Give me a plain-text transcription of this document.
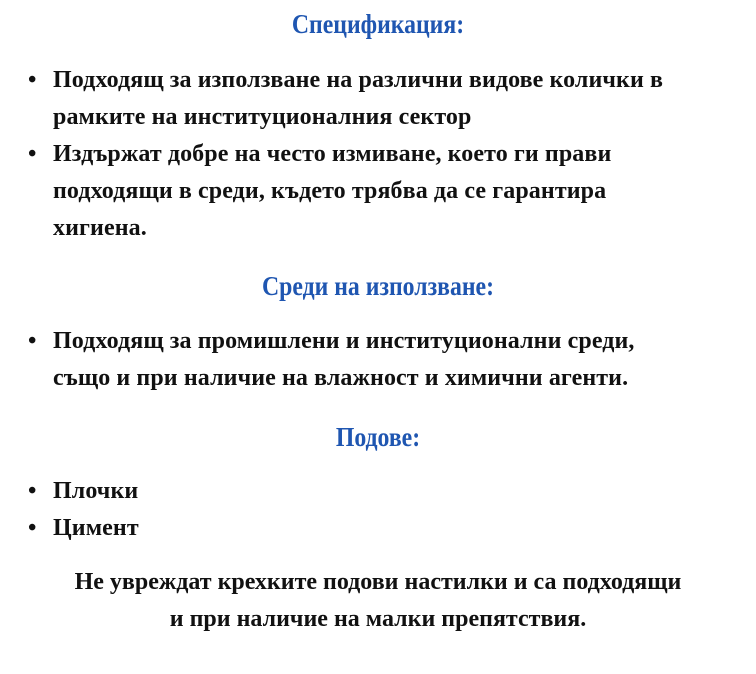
Спецификация:
• Подходящ за използване на различни видове колички в
рамките на институционалния сектор
• Издържат добре на често измиване, което ги прави
подходящи в среди, където трябва да се гарантира
хигиена.
Среди на използване:
• Подходящ за промишлени и институционални среди,
също и при наличие на влажност и химични агенти.
Подове:
• Плочки
• Цимент

Не увреждат крехките подови настилки и са подходящи
и при наличие на малки препятствия.
